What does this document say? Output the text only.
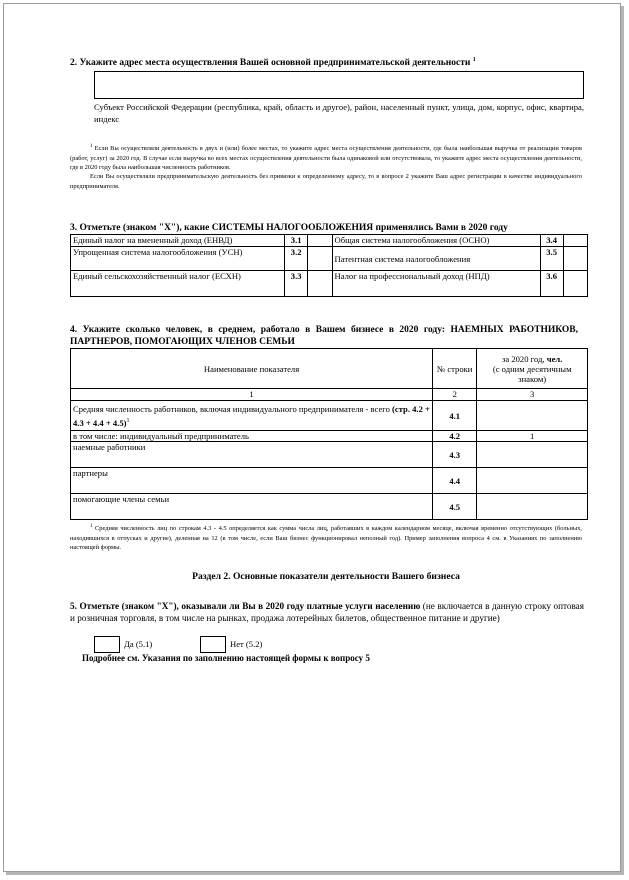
2. Укажите адрес места осуществления Вашей основной предпринимательской деятельности $^1$
Субъект Российской Федерации (республика, край, область и другое), район, населенный пункт, улица, дом, корпус, офис, квартира, индекс
$^1$ Если Вы осуществляли деятельность в двух и (или) более местах, то укажите адрес места осуществления деятельности, где была наибольшая выручка от реализации товаров (работ, услуг) за 2020 год. В случае если выручка во всех местах осуществления деятельности была одинаковой или отсутствовала, то укажите адрес места осуществления деятельности, где в 2020 году была наибольшая численность работников.
Если Вы осуществляли предпринимательскую деятельность без привязки к определенному адресу, то в вопросе 2 укажите Ваш адрес регистрации в качестве индивидуального предпринимателя.
3. Отметьте (знаком "Х"), какие СИСТЕМЫ НАЛОГООБЛОЖЕНИЯ применялись Вами в 2020 году
Единый налог на вмененный доход (ЕНВД)	3.1		Общая система налогообложения (ОСНО)	3.4	
Упрощенная система налогообложения (УСН)	3.2		Патентная система налогообложения	3.5	
Единый сельскохозяйственный налог (ЕСХН)	3.3		Налог на профессиональный доход (НПД)	3.6	
4. Укажите сколько человек, в среднем, работало в Вашем бизнесе в 2020 году: НАЕМНЫХ РАБОТНИКОВ, ПАРТНЕРОВ, ПОМОГАЮЩИХ ЧЛЕНОВ СЕМЬИ
Наименование показателя	№ строки	за 2020 год, чел.
(с одним десятичным знаком)
1	2	3
Средняя численность работников, включая индивидуального предпринимателя - всего (стр. 4.2 + 4.3 + 4.4 + 4.5)$^1$	4.1	
в том числе: индивидуальный предприниматель	4.2	1
наемные работники	4.3	
партнеры	4.4	
помогающие члены семьи	4.5	
$^1$ Средняя численность лиц по строкам 4.3 - 4.5 определяется как сумма числа лиц, работавших в каждом календарном месяце, включая временно отсутствующих (больных, находившихся в отпусках и другие), деленная на 12 (в том числе, если Ваш бизнес функционировал неполный год). Пример заполнения вопроса 4 см. в Указаниях по заполнению настоящей формы.
Раздел 2. Основные показатели деятельности Вашего бизнеса
5. Отметьте (знаком "Х"), оказывали ли Вы в 2020 году платные услуги населению (не включается в данную строку оптовая и розничная торговля, в том числе на рынках, продажа лотерейных билетов, общественное питание и другие)
Да (5.1)	Нет (5.2)
Подробнее см. Указания по заполнению настоящей формы к вопросу 5
